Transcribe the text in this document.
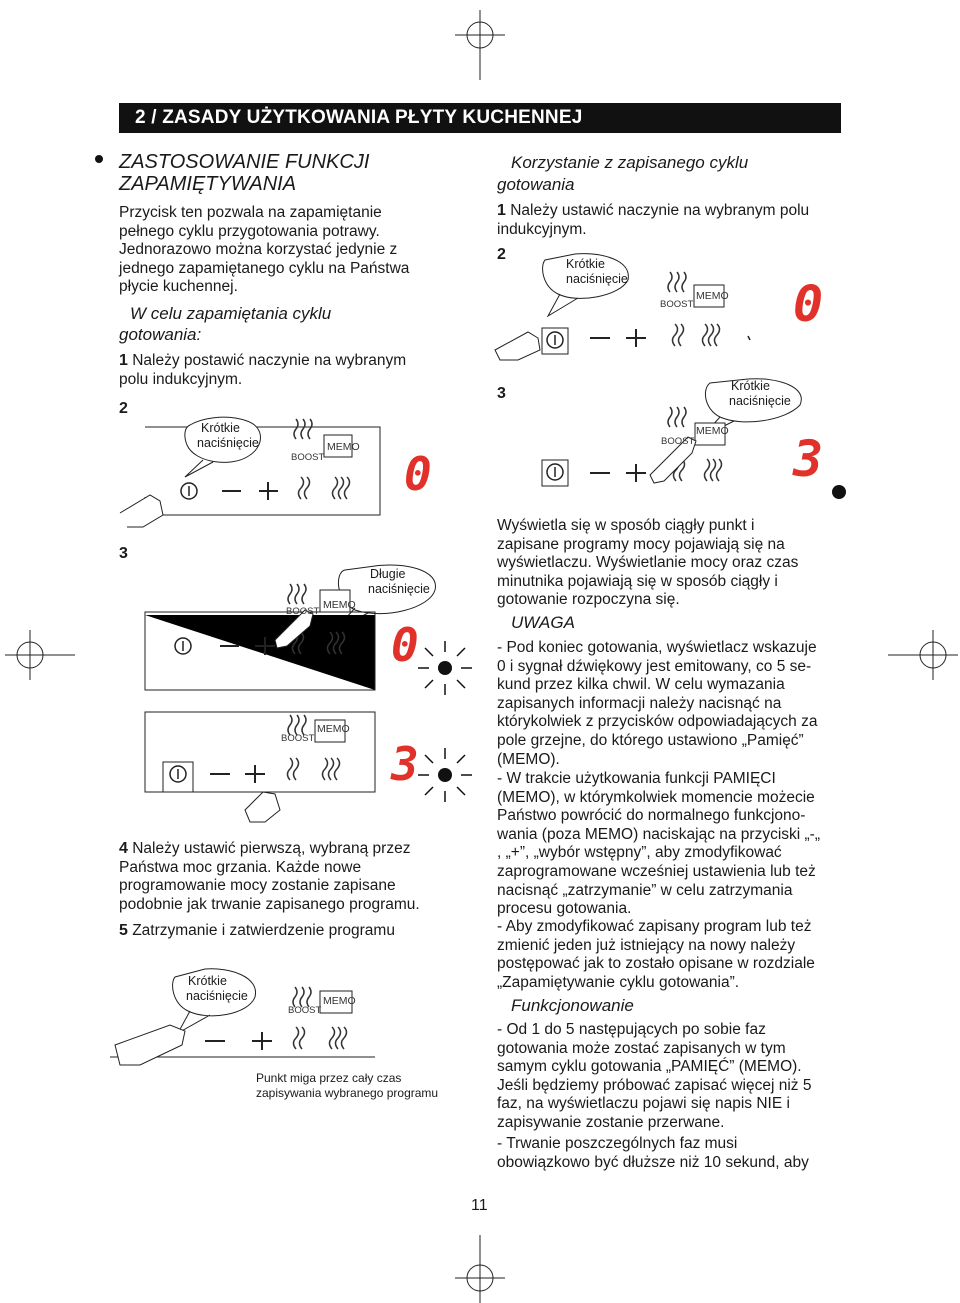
2 / ZASADY UŻYTKOWANIA PŁYTY KUCHENNEJ
ZASTOSOWANIE FUNKCJI
ZAPAMIĘTYWANIA
Przycisk ten pozwala na zapamiętanie
pełnego cyklu przygotowania potrawy.
Jednorazowo można korzystać jedynie z
jednego zapamiętanego cyklu na Państwa
płycie kuchennej.
W celu zapamiętania cyklu
gotowania:
1 Należy postawić naczynie na wybranym
polu indukcyjnym.
2
Krótkie
naciśnięcie
BOOST
MEMO 0
3
Długie
naciśnięcie
BOOST
MEMO
0
BOOST
MEMO
3
4 Należy ustawić pierwszą, wybraną przez
Państwa moc grzania. Każde nowe
programowanie mocy zostanie zapisane
podobnie jak trwanie zapisanego programu.
5 Zatrzymanie i zatwierdzenie programu
Krótkie
naciśnięcie
BOOST
MEMO
Punkt miga przez cały czas
zapisywania wybranego programu
Korzystanie z zapisanego cyklu
gotowania
1 Należy ustawić naczynie na wybranym polu
indukcyjnym.
2
Krótkie
naciśnięcie
BOOST
MEMO 0
3	Krótkie
naciśnięcie
BOOST
MEMO 3
Wyświetla się w sposób ciągły punkt i
zapisane programy mocy pojawiają się na
wyświetlaczu. Wyświetlanie mocy oraz czas
minutnika pojawiają się w sposób ciągły i
gotowanie rozpoczyna się.
UWAGA
- Pod koniec gotowania, wyświetlacz wskazuje
0 i sygnał dźwiękowy jest emitowany, co 5 se-
kund przez kilka chwil. W celu wymazania
zapisanych informacji należy nacisnąć na
którykolwiek z przycisków odpowiadających za
pole grzejne, do którego ustawiono „Pamięć”
(MEMO).
- W trakcie użytkowania funkcji PAMIĘCI
(MEMO), w którymkolwiek momencie możecie
Państwo powrócić do normalnego funkcjono-
wania (poza MEMO) naciskając na przyciski „-„
, „+”, „wybór wstępny”, aby zmodyfikować
zaprogramowane wcześniej ustawienia lub też
nacisnąć „zatrzymanie” w celu zatrzymania
procesu gotowania.
- Aby zmodyfikować zapisany program lub też
zmienić jeden już istniejący na nowy należy
postępować jak to zostało opisane w rozdziale
„Zapamiętywanie cyklu gotowania”.
Funkcjonowanie
- Od 1 do 5 następujących po sobie faz
gotowania może zostać zapisanych w tym
samym cyklu gotowania „PAMIĘĆ” (MEMO).
Jeśli będziemy próbować zapisać więcej niż 5
faz, na wyświetlaczu pojawi się napis NIE i
zapisywanie zostanie przerwane.
- Trwanie poszczególnych faz musi
obowiązkowo być dłuższe niż 10 sekund, aby
11
